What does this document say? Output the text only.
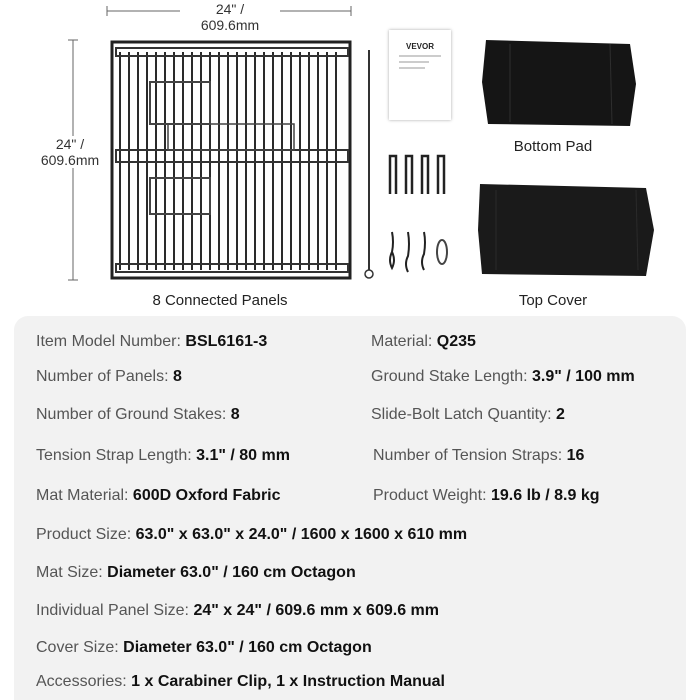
24" /
609.6mm
24" /
609.6mm
VEVOR
Bottom Pad
Top Cover
8 Connected Panels
Item Model Number: BSL6161-3	Material: Q235
Number of Panels: 8	Ground Stake Length: 3.9" / 100 mm
Number of Ground Stakes: 8	Slide-Bolt Latch Quantity: 2
Tension Strap Length: 3.1" / 80 mm	Number of Tension Straps: 16
Mat Material: 600D Oxford Fabric	Product Weight: 19.6 lb / 8.9 kg
Product Size: 63.0" x 63.0" x 24.0" / 1600 x 1600 x 610 mm
Mat Size: Diameter 63.0" / 160 cm Octagon
Individual Panel Size: 24" x 24" / 609.6 mm x 609.6 mm
Cover Size: Diameter 63.0" / 160 cm Octagon
Accessories: 1 x Carabiner Clip, 1 x Instruction Manual
